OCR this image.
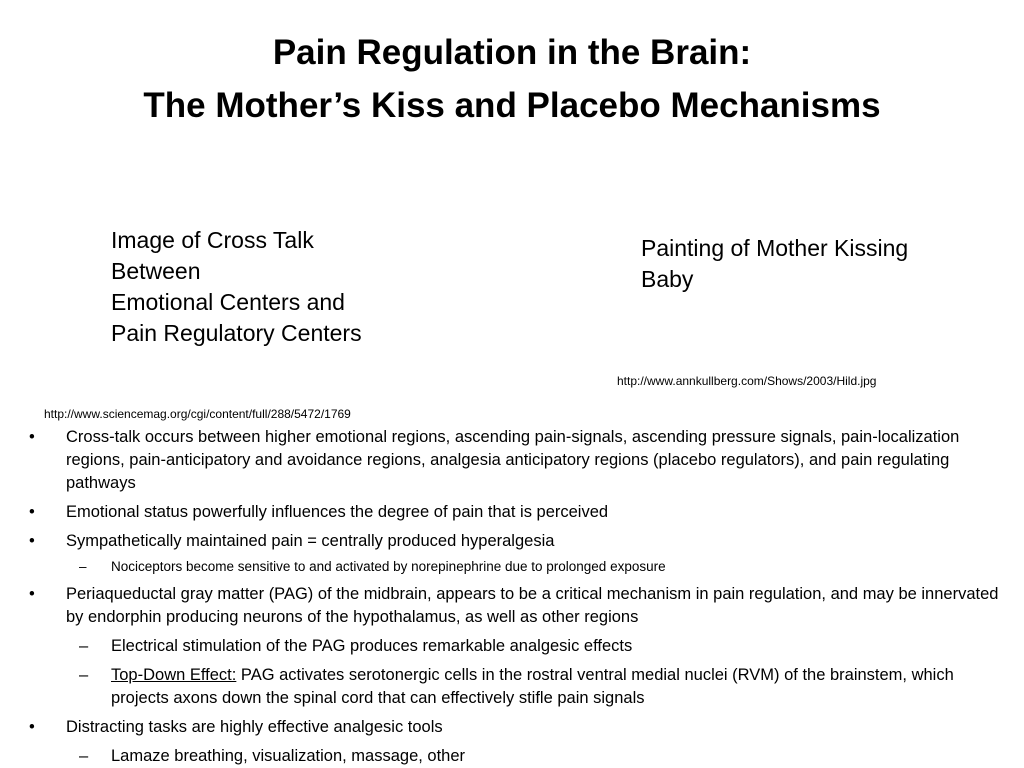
Pain Regulation in the Brain:
The Mother’s Kiss and Placebo Mechanisms
Image of Cross Talk
Between
Emotional Centers and
Pain Regulatory Centers
Painting of Mother Kissing
Baby
http://www.annkullberg.com/Shows/2003/Hild.jpg
http://www.sciencemag.org/cgi/content/full/288/5472/1769
• Cross-talk occurs between higher emotional regions, ascending pain-signals, ascending pressure signals, pain-localization regions, pain-anticipatory and avoidance regions, analgesia anticipatory regions (placebo regulators), and pain regulating pathways
• Emotional status powerfully influences the degree of pain that is perceived
• Sympathetically maintained pain = centrally produced hyperalgesia
– Nociceptors become sensitive to and activated by norepinephrine due to prolonged exposure
• Periaqueductal gray matter (PAG) of the midbrain, appears to be a critical mechanism in pain regulation, and may be innervated by endorphin producing neurons of the hypothalamus, as well as other regions
– Electrical stimulation of the PAG produces remarkable analgesic effects
– Top-Down Effect: PAG activates serotonergic cells in the rostral ventral medial nuclei (RVM) of the brainstem, which projects axons down the spinal cord that can effectively stifle pain signals
• Distracting tasks are highly effective analgesic tools
– Lamaze breathing, visualization, massage, other
